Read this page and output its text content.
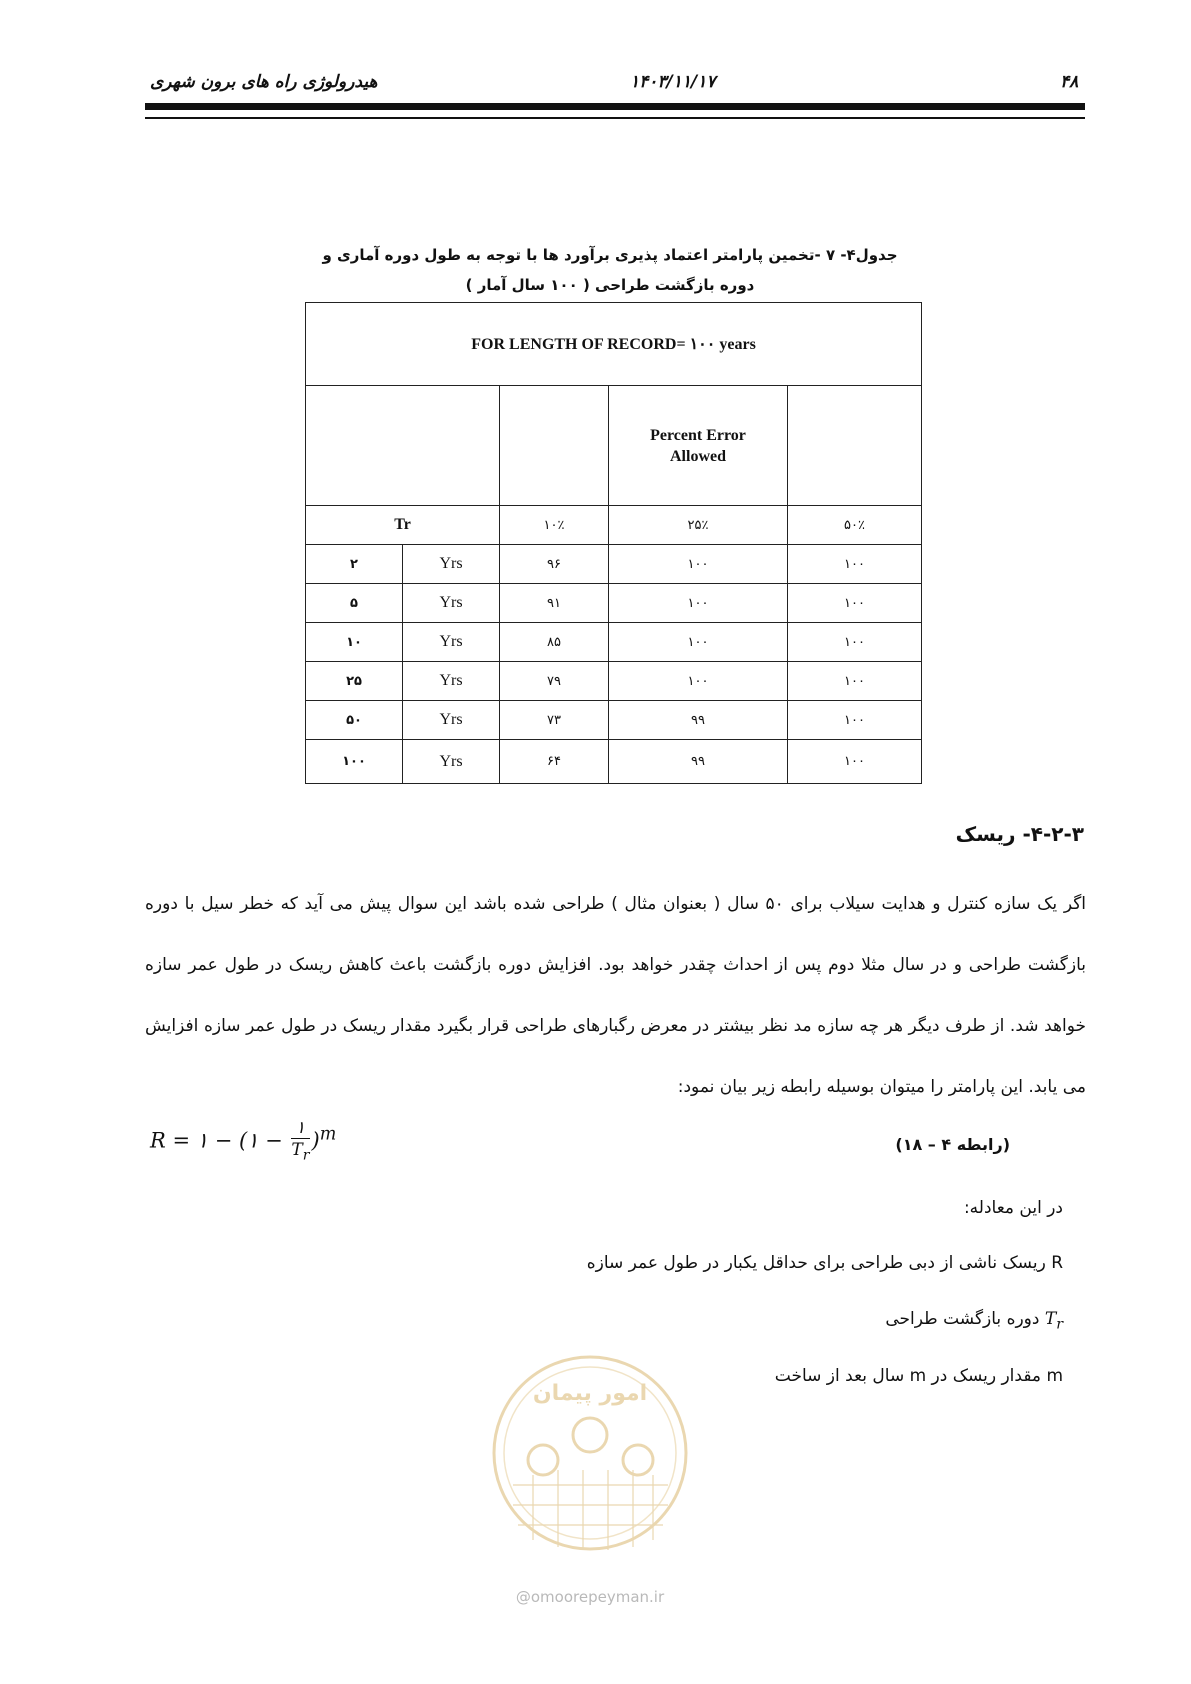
هیدرولوژی راه های برون شهری	۱۴۰۳/۱۱/۱۷	۴۸
جدول۴- ۷ -تخمین پارامتر اعتماد پذیری برآورد ها با توجه به طول دوره آماری و
دوره بازگشت طراحی ( ۱۰۰ سال آمار )
FOR LENGTH OF RECORD= ۱۰۰ years				
			Percent Error
Allowed	
Tr		۱۰٪	۲۵٪	۵۰٪
۲	Yrs	۹۶	۱۰۰	۱۰۰
۵	Yrs	۹۱	۱۰۰	۱۰۰
۱۰	Yrs	۸۵	۱۰۰	۱۰۰
۲۵	Yrs	۷۹	۱۰۰	۱۰۰
۵۰	Yrs	۷۳	۹۹	۱۰۰
۱۰۰	Yrs	۶۴	۹۹	۱۰۰
۴-۲-۳- ریسک
اگر یک سازه کنترل و هدایت سیلاب برای ۵۰ سال ( بعنوان مثال ) طراحی شده باشد این سوال پیش می آید که خطر سیل با دوره بازگشت طراحی و در سال مثلا دوم پس از احداث چقدر خواهد بود. افزایش دوره بازگشت باعث کاهش ریسک در طول عمر سازه خواهد شد. از طرف دیگر هر چه سازه مد نظر بیشتر در معرض رگبارهای طراحی قرار بگیرد مقدار ریسک در طول عمر سازه افزایش می یابد. این پارامتر را میتوان بوسیله رابطه زیر بیان نمود:
R = ۱ − (۱ − $\frac{۱}{T_r} )^m$	(رابطه ۴ – ۱۸)
در این معادله:
R ریسک ناشی از دبی طراحی برای حداقل یکبار در طول عمر سازه
$T_r$ دوره بازگشت طراحی
m مقدار ریسک در m سال بعد از ساخت
امور پیمان
@omoorepeyman.ir
